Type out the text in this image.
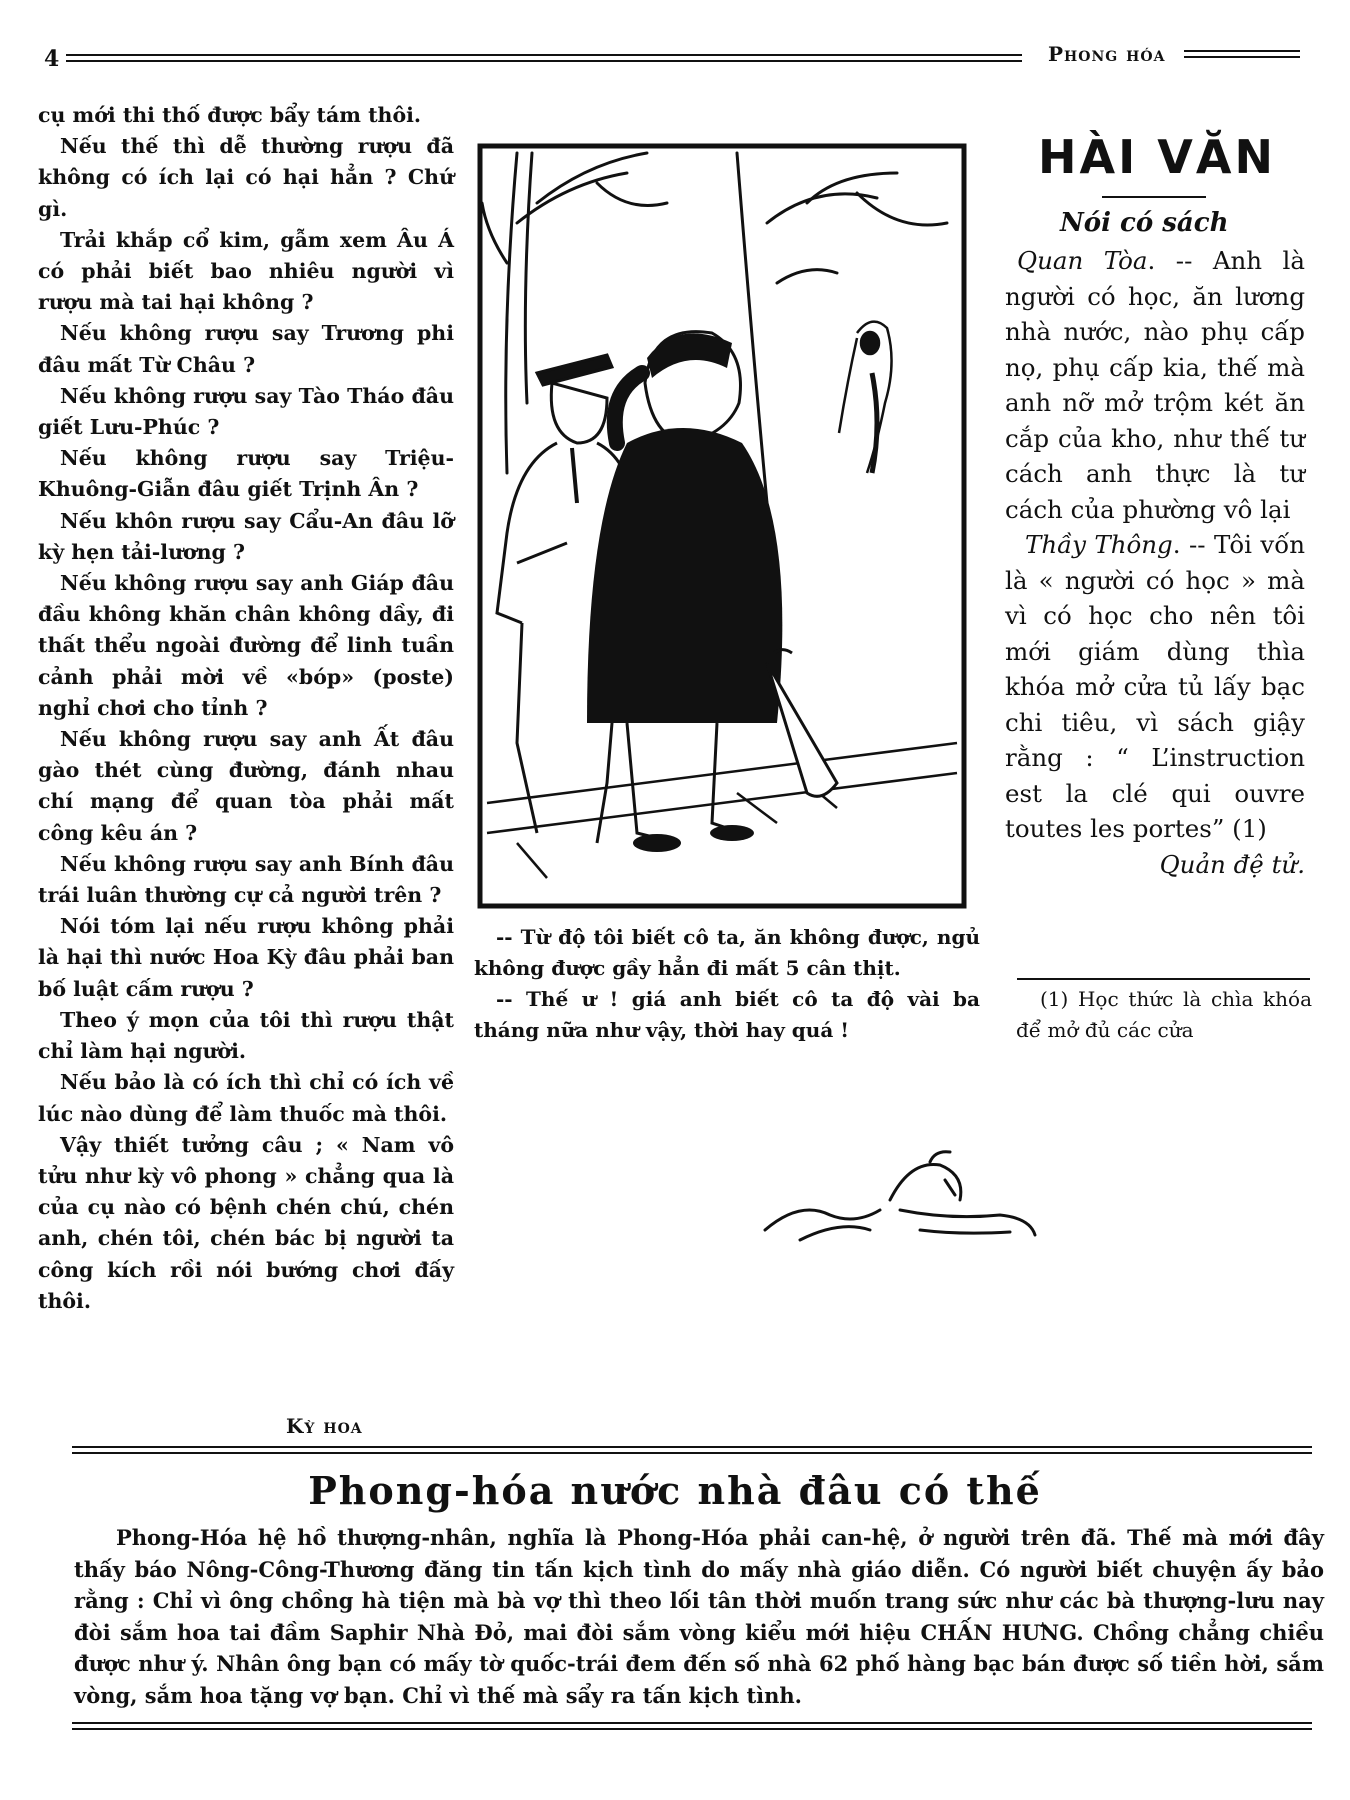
4	Phong hóa

cụ mới thi thố được bẩy tám thôi.

Nếu thế thì dễ thường rượu đã không có ích lại có hại hẳn ? Chứ gì.

Trải khắp cổ kim, gẫm xem Âu Á có phải biết bao nhiêu người vì rượu mà tai hại không ?

Nếu không rượu say Trương phi đâu mất Từ Châu ?

Nếu không rượu say Tào Tháo đâu giết Lưu-Phúc ?

Nếu không rượu say Triệu-Khuông-Giẫn đâu giết Trịnh Ân ?

Nếu khôn rượu say Cẩu-An đâu lỡ kỳ hẹn tải-lương ?

Nếu không rượu say anh Giáp đâu đầu không khăn chân không dầy, đi thất thểu ngoài đường để linh tuần cảnh phải mời về «bóp» (poste) nghỉ chơi cho tỉnh ?

Nếu không rượu say anh Ất đâu gào thét cùng đường, đánh nhau chí mạng để quan tòa phải mất công kêu án ?

Nếu không rượu say anh Bính đâu trái luân thường cự cả người trên ?

Nói tóm lại nếu rượu không phải là hại thì nước Hoa Kỳ đâu phải ban bố luật cấm rượu ?

Theo ý mọn của tôi thì rượu thật chỉ làm hại người.

Nếu bảo là có ích thì chỉ có ích về lúc nào dùng để làm thuốc mà thôi.

Vậy thiết tưởng câu ; « Nam vô tửu như kỳ vô phong » chẳng qua là của cụ nào có bệnh chén chú, chén anh, chén tôi, chén bác bị người ta công kích rồi nói bướng chơi đấy thôi.

Kỳ hoa

-- Từ độ tôi biết cô ta, ăn không được, ngủ không được gầy hẳn đi mất 5 cân thịt.

-- Thế ư ! giá anh biết cô ta độ vài ba tháng nữa như vậy, thời hay quá !

HÀI VĂN
Nói có sách

Quan Tòa. -- Anh là người có học, ăn lương nhà nước, nào phụ cấp nọ, phụ cấp kia, thế mà anh nỡ mở trộm két ăn cắp của kho, như thế tư cách anh thực là tư cách của phường vô lại

Thầy Thông. -- Tôi vốn là « người có học » mà vì có học cho nên tôi mới giám dùng thìa khóa mở cửa tủ lấy bạc chi tiêu, vì sách giậy rằng : “ L’instruction est la clé qui ouvre toutes les portes” (1)

Quản đệ tử.

(1) Học thức là chìa khóa để mở đủ các cửa
Phong-hóa nước nhà đâu có thế
Phong-Hóa hệ hồ thượng-nhân, nghĩa là Phong-Hóa phải can-hệ, ở người trên đã. Thế mà mới đây thấy báo Nông-Công-Thương đăng tin tấn kịch tình do mấy nhà giáo diễn. Có người biết chuyện ấy bảo rằng : Chỉ vì ông chồng hà tiện mà bà vợ thì theo lối tân thời muốn trang sức như các bà thượng-lưu nay đòi sắm hoa tai đầm Saphir Nhà Đỏ, mai đòi sắm vòng kiểu mới hiệu CHẤN HƯNG. Chồng chẳng chiều được như ý. Nhân ông bạn có mấy tờ quốc-trái đem đến số nhà 62 phố hàng bạc bán được số tiền hời, sắm vòng, sắm hoa tặng vợ bạn. Chỉ vì thế mà sẩy ra tấn kịch tình.
